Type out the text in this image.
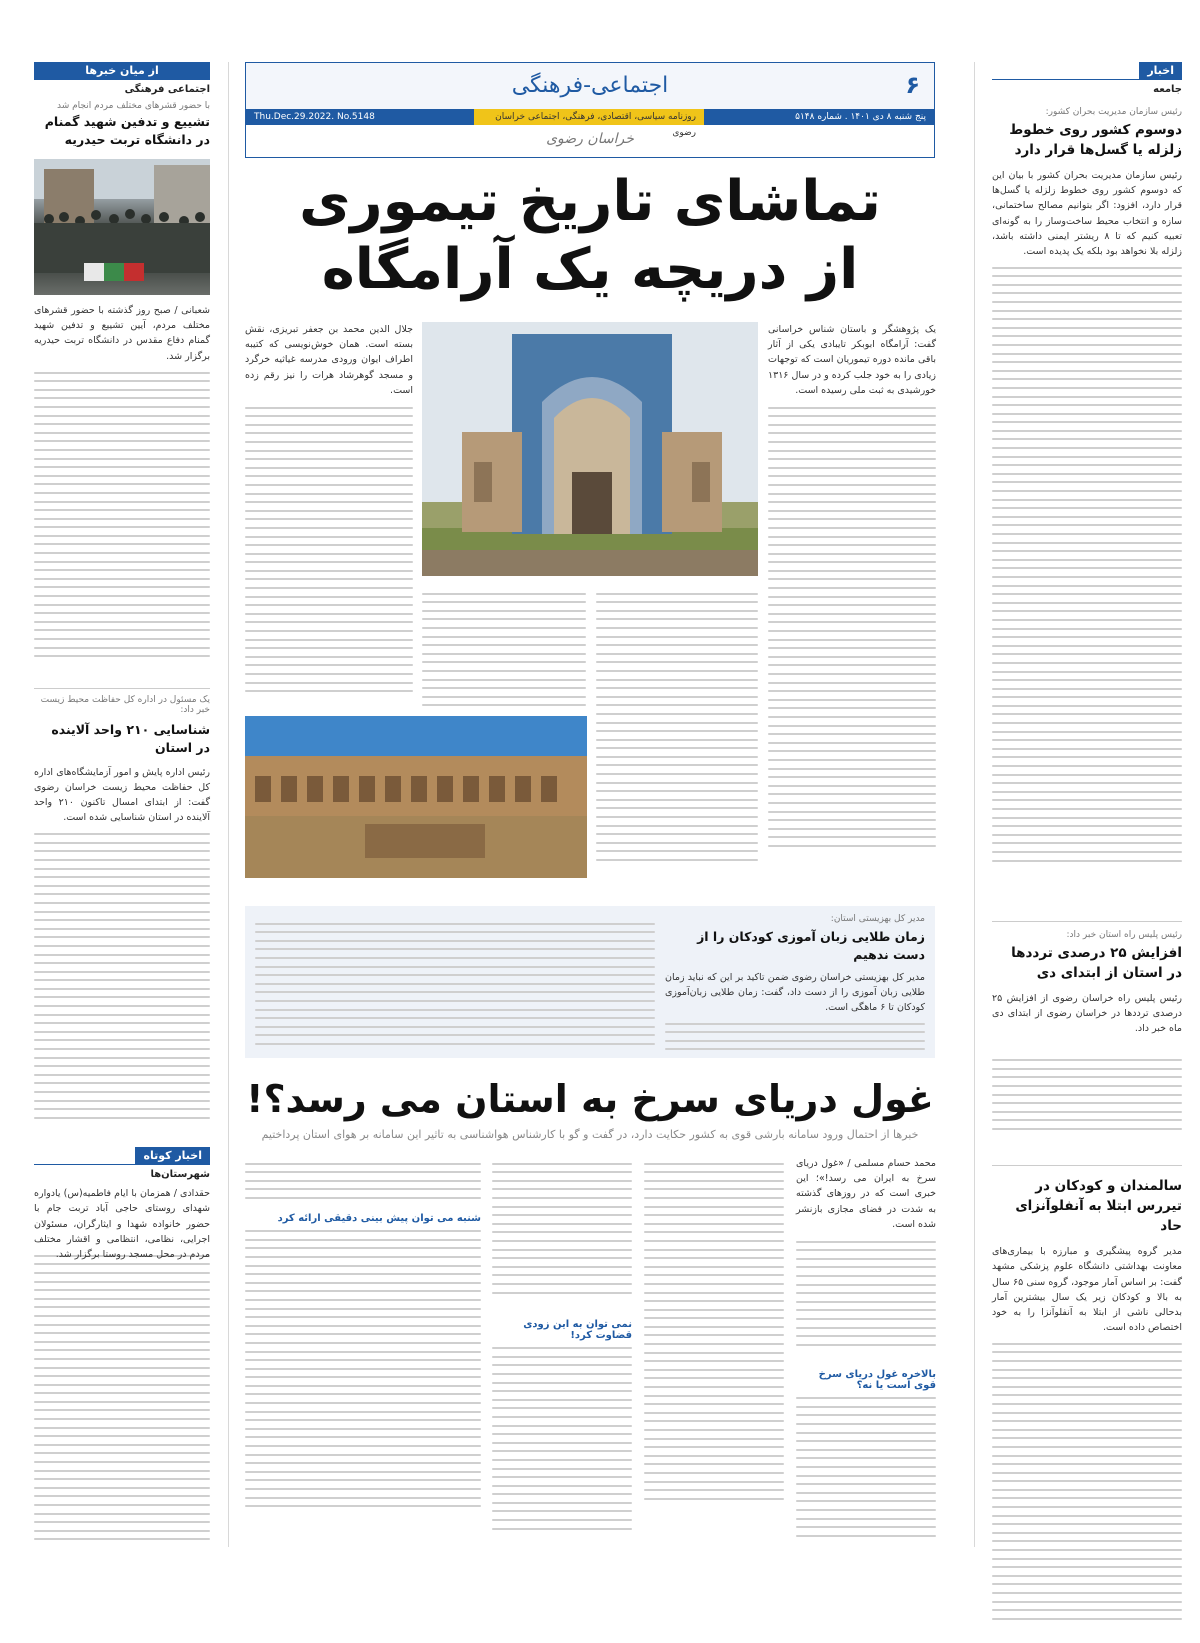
اخبار
جامعه
رئیس سازمان مدیریت بحران کشور:
دوسوم کشور روی خطوط زلزله یا گسل‌ها قرار دارد
رئیس سازمان مدیریت بحران کشور با بیان این که دوسوم کشور روی خطوط زلزله یا گسل‌ها قرار دارد، افزود: اگر بتوانیم مصالح ساختمانی، سازه و انتخاب محیط ساخت‌وساز را به گونه‌ای تعبیه کنیم که تا ۸ ریشتر ایمنی داشته باشد، زلزله بلا نخواهد بود بلکه یک پدیده است.
رئیس پلیس راه استان خبر داد:
افزایش ۲۵ درصدی ترددها در استان از ابتدای دی
رئیس پلیس راه خراسان رضوی از افزایش ۲۵ درصدی تردد‌ها در خراسان رضوی از ابتدای دی ماه خبر داد.
سالمندان و کودکان در تیررس ابتلا به آنفلوآنزای حاد
مدیر گروه پیشگیری و مبارزه با بیماری‌های معاونت بهداشتی دانشگاه علوم پزشکی مشهد گفت: بر اساس آمار موجود، گروه سنی ۶۵ سال به بالا و کودکان زیر یک سال بیشترین آمار بدحالی ناشی از ابتلا به آنفلوآنزا را به خود اختصاص داده است.
از میان خبرها
اجتماعی فرهنگی
با حضور قشرهای مختلف مردم انجام شد
تشییع و تدفین شهید گمنام در دانشگاه تربت حیدریه
شعبانی / صبح روز گذشته با حضور قشرهای مختلف مردم، آیین تشییع و تدفین شهید گمنام دفاع مقدس در دانشگاه تربت حیدریه برگزار شد.
یک مسئول در اداره کل حفاظت محیط زیست خبر داد:
شناسایی ۲۱۰ واحد آلاینده در استان
رئیس اداره پایش و امور آزمایشگاه‌های اداره کل حفاظت محیط زیست خراسان رضوی گفت: از ابتدای امسال تاکنون ۲۱۰ واحد آلاینده در استان شناسایی شده است.
اخبار کوتاه
شهرستان‌ها
حقدادی / همزمان با ایام فاطمیه(س) یادواره شهدای روستای حاجی آباد تربت جام با حضور خانواده شهدا و ایثارگران، مسئولان اجرایی، نظامی، انتظامی و اقشار مختلف مردم در محل مسجد روستا برگزار شد.
۶
اجتماعی-فرهنگی
پنج شنبه ۸ دی ۱۴۰۱ . شماره ۵۱۴۸
روزنامه سیاسی، اقتصادی، فرهنگی، اجتماعی خراسان رضوی
Thu.Dec.29.2022. No.5148
خراسان رضوی
تماشای تاریخ تیموری
از دریچه یک آرامگاه
یک پژوهشگر و باستان شناس خراسانی گفت: آرامگاه ابوبکر تایبادی یکی از آثار باقی مانده دوره تیموریان است که توجهات زیادی را به خود جلب کرده و در سال ۱۳۱۶ خورشیدی به ثبت ملی رسیده است.
جلال الدین محمد بن جعفر تبریزی، نقش بسته است. همان خوش‌نویسی که کتیبه اطراف ایوان ورودی مدرسه غیاثیه خرگرد و مسجد گوهرشاد هرات را نیز رقم زده است.
مدیر کل بهزیستی استان:
زمان طلایی زبان آموزی کودکان را از دست ندهیم
مدیر کل بهزیستی خراسان رضوی ضمن تاکید بر این که نباید زمان طلایی زبان آموزی را از دست داد، گفت: زمان طلایی زبان‌آموزی کودکان تا ۶ ماهگی است.
غول دریای سرخ به استان می رسد؟!
خبرها از احتمال ورود سامانه بارشی قوی به کشور حکایت دارد، در گفت و گو با کارشناس هواشناسی به تاثیر این سامانه بر هوای استان پرداختیم
محمد حسام مسلمی / «غول دریای سرخ به ایران می رسد!»؛ این خبری است که در روزهای گذشته به ‌شدت در فضای مجازی بازنشر شده است.
بالاخره غول دریای سرخ قوی است یا نه؟
نمی توان به این زودی قضاوت کرد!
شنبه می توان پیش بینی دقیقی ارائه کرد
